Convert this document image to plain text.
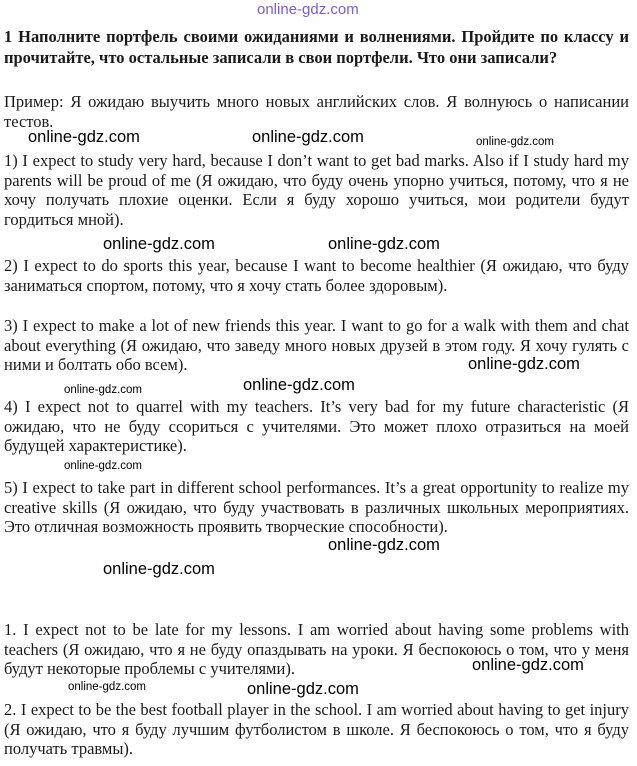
1 Наполните портфель своими ожиданиями и волнениями. Пройдите по классу и прочитайте, что остальные записали в свои портфели. Что они записали?

Пример: Я ожидаю выучить много новых английских слов. Я волнуюсь о написании тестов.

1) I expect to study very hard, because I don’t want to get bad marks. Also if I study hard my parents will be proud of me (Я ожидаю, что буду очень упорно учиться, потому, что я не хочу получать плохие оценки. Если я буду хорошо учиться, мои родители будут гордиться мной).

2) I expect to do sports this year, because I want to become healthier (Я ожидаю, что буду заниматься спортом, потому, что я хочу стать более здоровым).

3) I expect to make a lot of new friends this year. I want to go for a walk with them and chat about everything (Я ожидаю, что заведу много новых друзей в этом году. Я хочу гулять с ними и болтать обо всем).

4) I expect not to quarrel with my teachers. It’s very bad for my future characteristic (Я ожидаю, что не буду ссориться с учителями. Это может плохо отразиться на моей будущей характеристике).

5) I expect to take part in different school performances. It’s a great opportunity to realize my creative skills (Я ожидаю, что буду участвовать в различных школьных мероприятиях. Это отличная возможность проявить творческие способности).

1. I expect not to be late for my lessons. I am worried about having some problems with teachers (Я ожидаю, что я не буду опаздывать на уроки. Я беспокоюсь о том, что у меня будут некоторые проблемы с учителями).

2. I expect to be the best football player in the school. I am worried about having to get injury (Я ожидаю, что я буду лучшим футболистом в школе. Я беспокоюсь о том, что я буду получать травмы).

online-gdz.com
online-gdz.com	online-gdz.com	online-gdz.com
online-gdz.com	online-gdz.com
online-gdz.com
online-gdz.com	online-gdz.com
online-gdz.com
online-gdz.com
online-gdz.com
online-gdz.com
online-gdz.com	online-gdz.com
